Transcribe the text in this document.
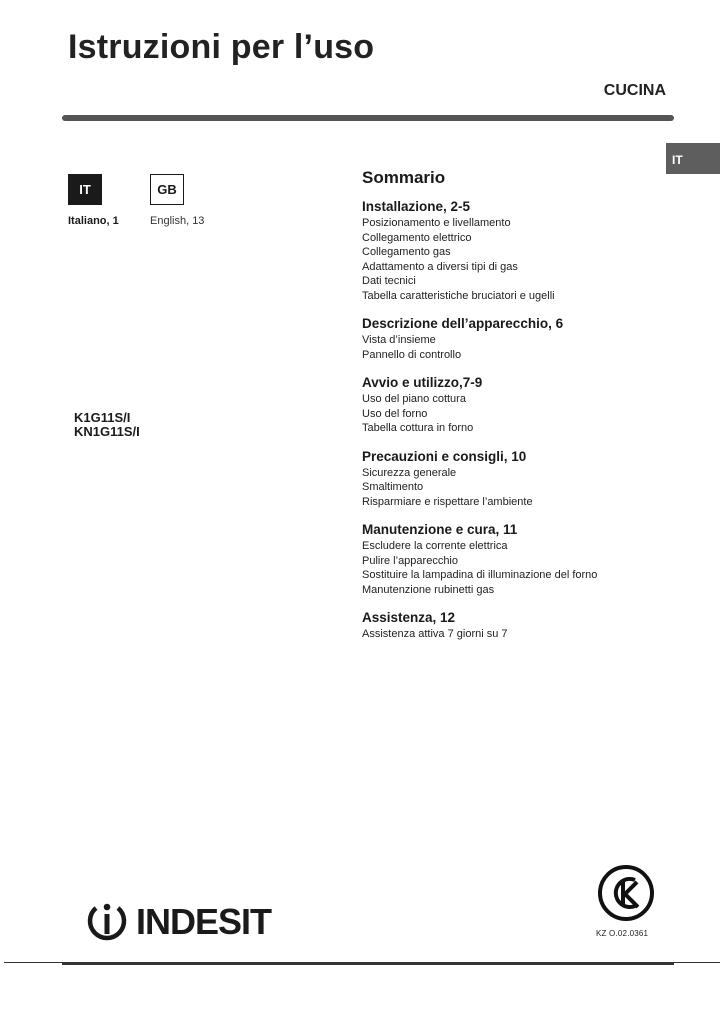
Istruzioni per l’uso
CUCINA
IT
IT	GB
Italiano, 1	English, 13
K1G11S/I
KN1G11S/I
Sommario
Installazione, 2-5
Posizionamento e livellamento
Collegamento elettrico
Collegamento gas
Adattamento a diversi tipi di gas
Dati tecnici
Tabella caratteristiche bruciatori e ugelli
Descrizione dell’apparecchio, 6
Vista d’insieme
Pannello di controllo
Avvio e utilizzo,7-9
Uso del piano cottura
Uso del forno
Tabella cottura in forno
Precauzioni e consigli, 10
Sicurezza generale
Smaltimento
Risparmiare e rispettare l’ambiente
Manutenzione e cura, 11
Escludere la corrente elettrica
Pulire l’apparecchio
Sostituire la lampadina di illuminazione del forno
Manutenzione rubinetti gas
Assistenza, 12
Assistenza attiva 7 giorni su 7
INDESIT	KZ O.02.0361
